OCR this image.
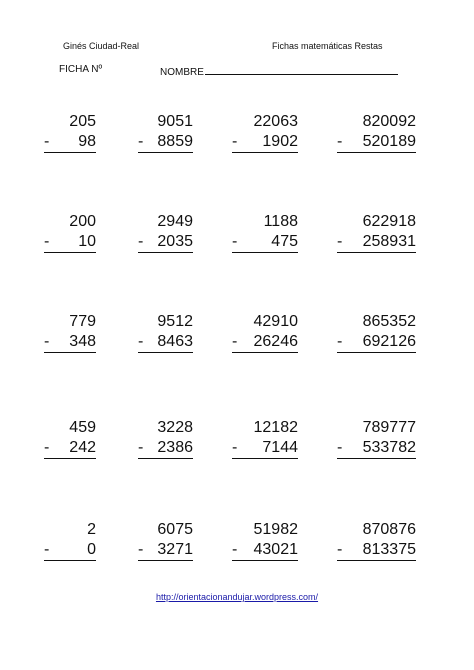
Ginés Ciudad-Real	Fichas matemáticas Restas
FICHA Nº	NOMBRE
205
- 98
9051
- 8859
22063
- 1902
820092
- 520189
200
- 10
2949
- 2035
1188
- 475
622918
- 258931
779
- 348
9512
- 8463
42910
- 26246
865352
- 692126
459
- 242
3228
- 2386
12182
- 7144
789777
- 533782
2
- 0
6075
- 3271
51982
- 43021
870876
- 813375
http://orientacionandujar.wordpress.com/
